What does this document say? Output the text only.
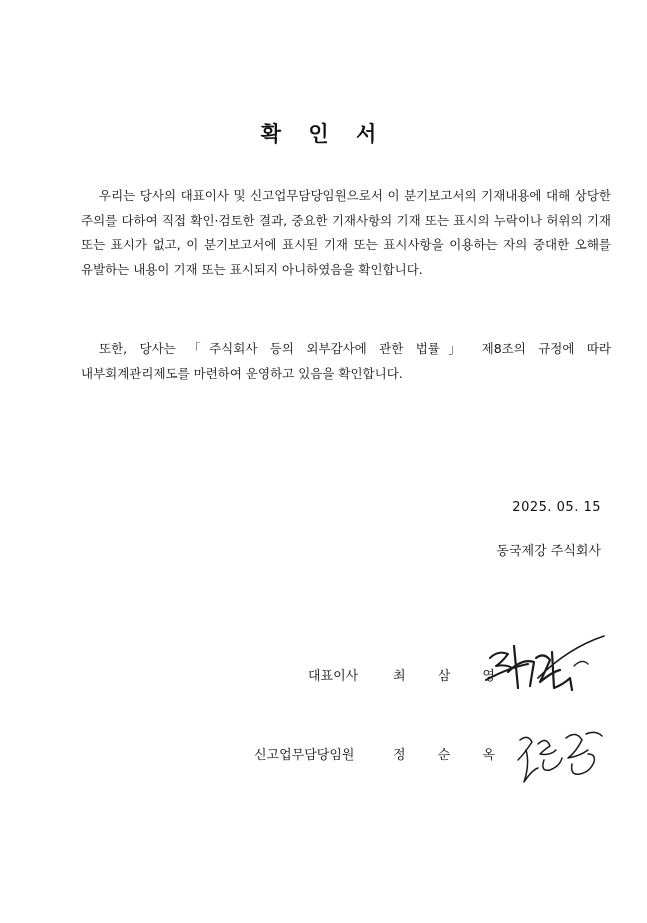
확 인 서

우리는 당사의 대표이사 및 신고업무담당임원으로서 이 분기보고서의 기재내용에 대해 상당한 주의를 다하여 직접 확인·검토한 결과, 중요한 기재사항의 기재 또는 표시의 누락이나 허위의 기재 또는 표시가 없고, 이 분기보고서에 표시된 기재 또는 표시사항을 이용하는 자의 중대한 오해를 유발하는 내용이 기재 또는 표시되지 아니하였음을 확인합니다.

또한, 당사는 「주식회사 등의 외부감사에 관한 법률」 제8조의 규정에 따라 내부회계관리제도를 마련하여 운영하고 있음을 확인합니다.

2025. 05. 15
동국제강 주식회사
대표이사	최 삼 영
신고업무담당임원	정 순 옥
